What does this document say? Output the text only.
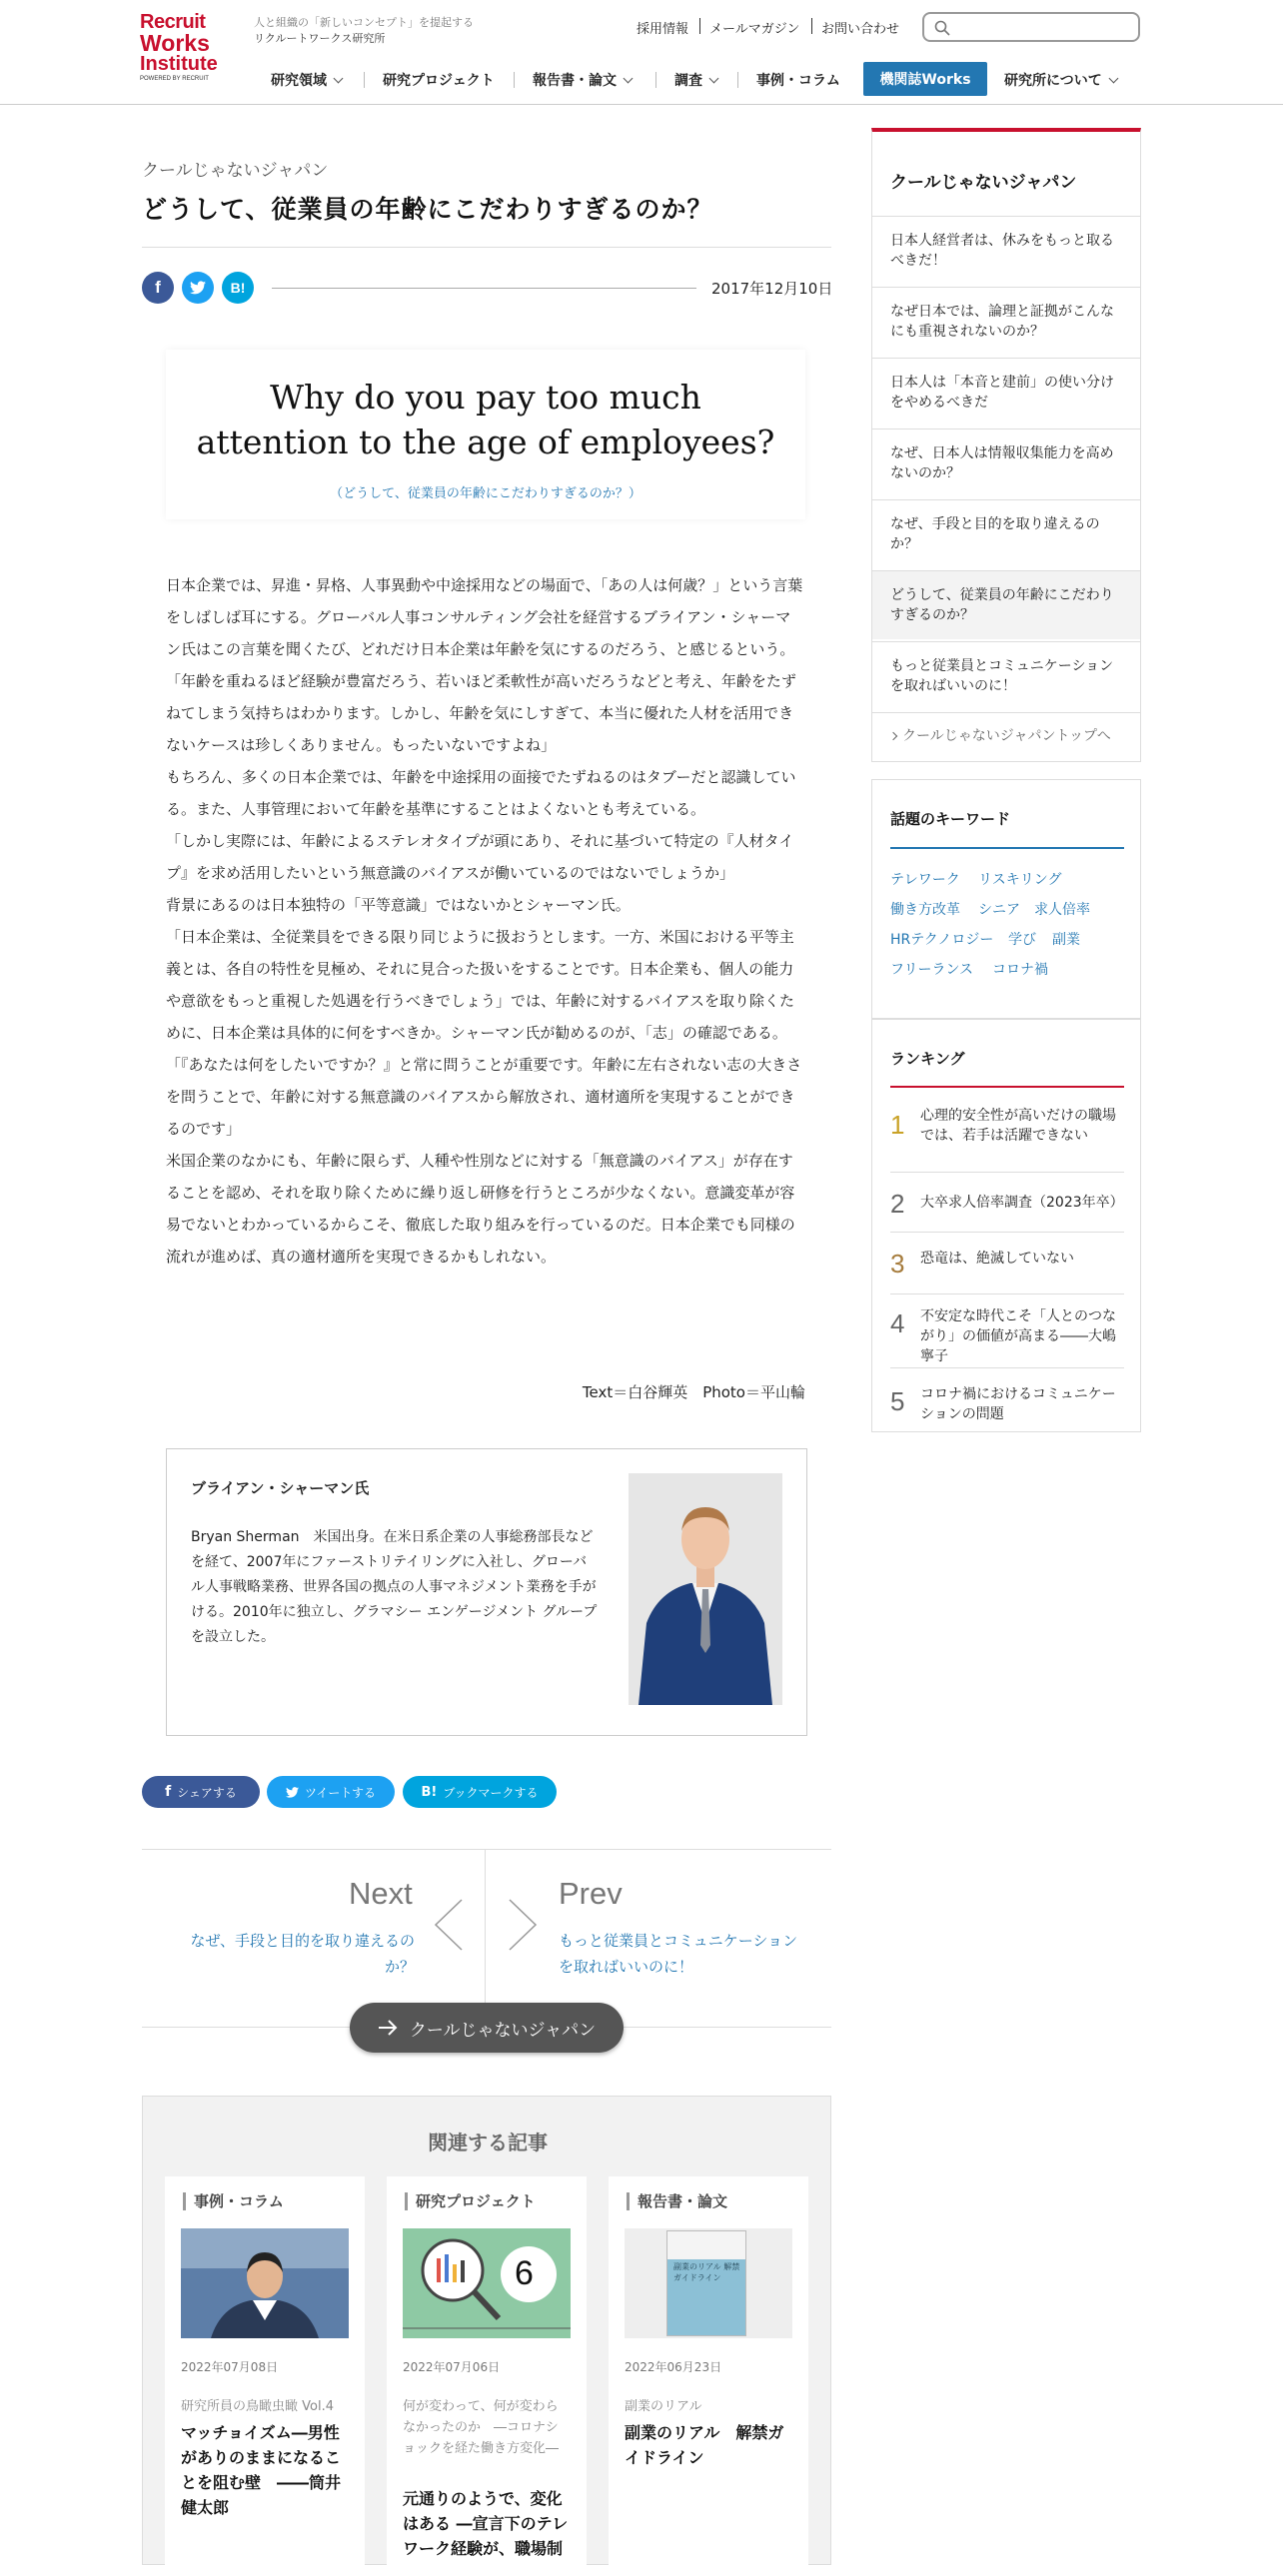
Recruit
Works
Institute
POWERED BY RECRUIT
人と組織の「新しいコンセプト」を提起する
リクルートワークス研究所
採用情報 メールマガジン お問い合わせ
研究領域	研究プロジェクト	報告書・論文	調査	事例・コラム	機関誌Works	研究所について
クールじゃないジャパン
どうして、従業員の年齢にこだわりすぎるのか？
f	B!	2017年12月10日
Why do you pay too much
attention to the age of employees?
（どうして、従業員の年齢にこだわりすぎるのか？）

日本企業では、昇進・昇格、人事異動や中途採用などの場面で、「あの人は何歳？」という言葉をしばしば耳にする。グローバル人事コンサルティング会社を経営するブライアン・シャーマン氏はこの言葉を聞くたび、どれだけ日本企業は年齢を気にするのだろう、と感じるという。

「年齢を重ねるほど経験が豊富だろう、若いほど柔軟性が高いだろうなどと考え、年齢をたずねてしまう気持ちはわかります。しかし、年齢を気にしすぎて、本当に優れた人材を活用できないケースは珍しくありません。もったいないですよね」

もちろん、多くの日本企業では、年齢を中途採用の面接でたずねるのはタブーだと認識している。また、人事管理において年齢を基準にすることはよくないとも考えている。

「しかし実際には、年齢によるステレオタイプが頭にあり、それに基づいて特定の『人材タイプ』を求め活用したいという無意識のバイアスが働いているのではないでしょうか」

背景にあるのは日本独特の「平等意識」ではないかとシャーマン氏。

「日本企業は、全従業員をできる限り同じように扱おうとします。一方、米国における平等主義とは、各自の特性を見極め、それに見合った扱いをすることです。日本企業も、個人の能力や意欲をもっと重視した処遇を行うべきでしょう」では、年齢に対するバイアスを取り除くために、日本企業は具体的に何をすべきか。シャーマン氏が勧めるのが、「志」の確認である。

「『あなたは何をしたいですか？』と常に問うことが重要です。年齢に左右されない志の大きさを問うことで、年齢に対する無意識のバイアスから解放され、適材適所を実現することができるのです」

米国企業のなかにも、年齢に限らず、人種や性別などに対する「無意識のバイアス」が存在することを認め、それを取り除くために繰り返し研修を行うところが少なくない。意識変革が容易でないとわかっているからこそ、徹底した取り組みを行っているのだ。日本企業でも同様の流れが進めば、真の適材適所を実現できるかもしれない。

Text＝白谷輝英　Photo＝平山輪
ブライアン・シャーマン氏
Bryan Sherman　米国出身。在米日系企業の人事総務部長などを経て、2007年にファーストリテイリングに入社し、グローバル人事戦略業務、世界各国の拠点の人事マネジメント業務を手がける。2010年に独立し、グラマシー エンゲージメント グループを設立した。
f シェアする	ツイートする	B! ブックマークする
Next
なぜ、手段と目的を取り違えるのか？
Prev
もっと従業員とコミュニケーションを取ればいいのに！
クールじゃないジャパン
関連する記事
事例・コラム
2022年07月08日
研究所員の鳥瞰虫瞰 Vol.4
マッチョイズム―男性がありのままになることを阻む壁　――筒井健太郎
研究プロジェクト
6
2022年07月06日
何が変わって、何が変わらなかったのか　―コロナショックを経た働き方変化―
元通りのようで、変化はある ―宣言下のテレワーク経験が、職場制
報告書・論文
副業のリアル 解禁ガイドライン
2022年06月23日
副業のリアル
副業のリアル　解禁ガイドライン
クールじゃないジャパン
日本人経営者は、休みをもっと取るべきだ！
なぜ日本では、論理と証拠がこんなにも重視されないのか？
日本人は「本音と建前」の使い分けをやめるべきだ
なぜ、日本人は情報収集能力を高めないのか？
なぜ、手段と目的を取り違えるのか？
どうして、従業員の年齢にこだわりすぎるのか？
もっと従業員とコミュニケーションを取ればいいのに！
クールじゃないジャパントップへ
話題のキーワード
テレワーク リスキリング
働き方改革 シニア 求人倍率
HRテクノロジー 学び 副業
フリーランス コロナ禍
ランキング
1 心理的安全性が高いだけの職場では、若手は活躍できない
2 大卒求人倍率調査（2023年卒）
3 恐竜は、絶滅していない
4 不安定な時代こそ「人とのつながり」の価値が高まる――大嶋寧子
5 コロナ禍におけるコミュニケーションの問題
